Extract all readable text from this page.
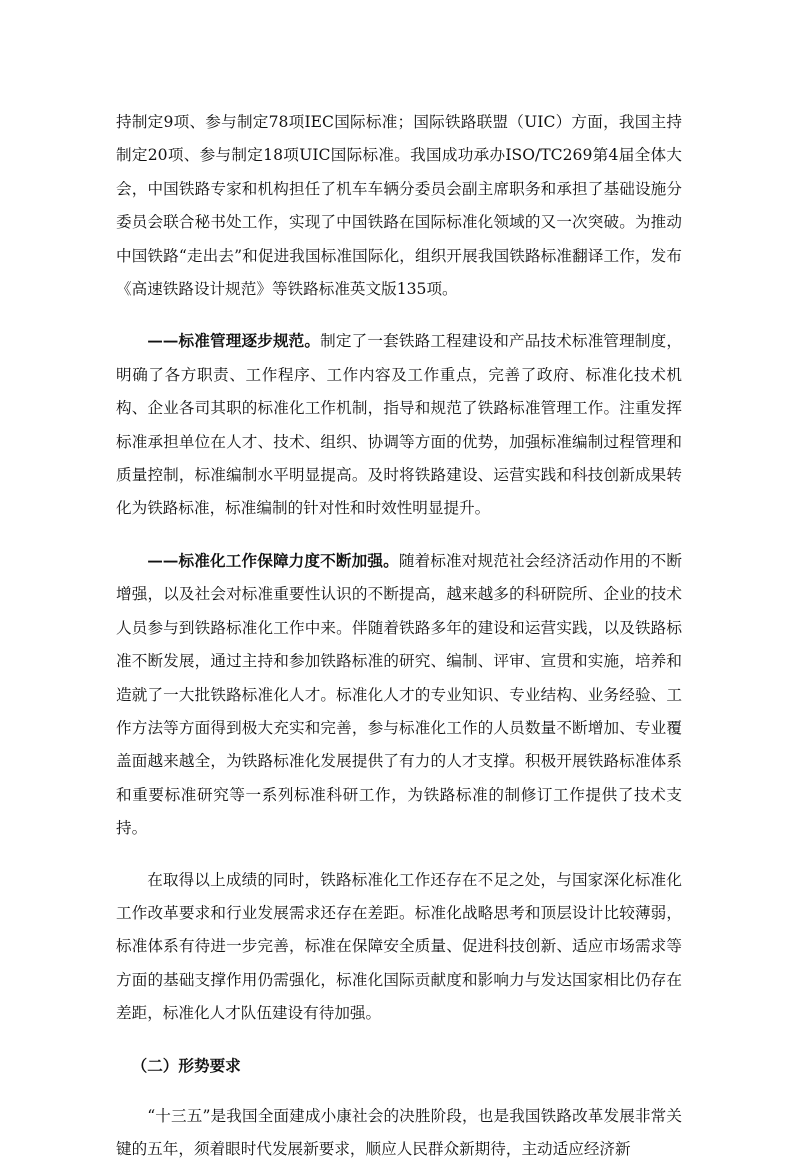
持制定9项、参与制定78项IEC国际标准；国际铁路联盟（UIC）方面，我国主持制定20项、参与制定18项UIC国际标准。我国成功承办ISO/TC269第4届全体大会，中国铁路专家和机构担任了机车车辆分委员会副主席职务和承担了基础设施分委员会联合秘书处工作，实现了中国铁路在国际标准化领域的又一次突破。为推动中国铁路“走出去”和促进我国标准国际化，组织开展我国铁路标准翻译工作，发布《高速铁路设计规范》等铁路标准英文版135项。

——标准管理逐步规范。制定了一套铁路工程建设和产品技术标准管理制度，明确了各方职责、工作程序、工作内容及工作重点，完善了政府、标准化技术机构、企业各司其职的标准化工作机制，指导和规范了铁路标准管理工作。注重发挥标准承担单位在人才、技术、组织、协调等方面的优势，加强标准编制过程管理和质量控制，标准编制水平明显提高。及时将铁路建设、运营实践和科技创新成果转化为铁路标准，标准编制的针对性和时效性明显提升。

——标准化工作保障力度不断加强。随着标准对规范社会经济活动作用的不断增强，以及社会对标准重要性认识的不断提高，越来越多的科研院所、企业的技术人员参与到铁路标准化工作中来。伴随着铁路多年的建设和运营实践，以及铁路标准不断发展，通过主持和参加铁路标准的研究、编制、评审、宣贯和实施，培养和造就了一大批铁路标准化人才。标准化人才的专业知识、专业结构、业务经验、工作方法等方面得到极大充实和完善，参与标准化工作的人员数量不断增加、专业覆盖面越来越全，为铁路标准化发展提供了有力的人才支撑。积极开展铁路标准体系和重要标准研究等一系列标准科研工作，为铁路标准的制修订工作提供了技术支持。

在取得以上成绩的同时，铁路标准化工作还存在不足之处，与国家深化标准化工作改革要求和行业发展需求还存在差距。标准化战略思考和顶层设计比较薄弱，标准体系有待进一步完善，标准在保障安全质量、促进科技创新、适应市场需求等方面的基础支撑作用仍需强化，标准化国际贡献度和影响力与发达国家相比仍存在差距，标准化人才队伍建设有待加强。

（二）形势要求

“十三五”是我国全面建成小康社会的决胜阶段，也是我国铁路改革发展非常关键的五年，须着眼时代发展新要求，顺应人民群众新期待，主动适应经济新
